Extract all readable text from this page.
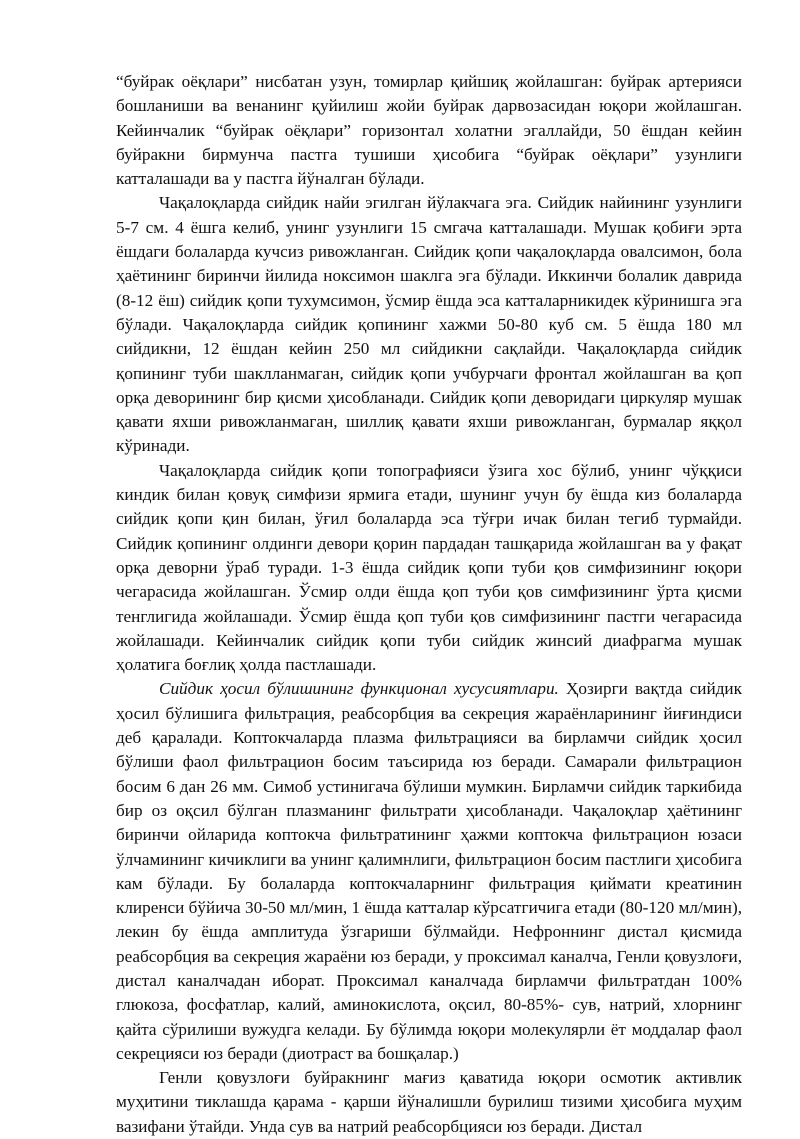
“буйрак оёқлари” нисбатан узун, томирлар қийшиқ жойлашган: буйрак артерияси бошланиши ва венанинг қуйилиш жойи буйрак дарвозасидан юқори жойлашган. Кейинчалик “буйрак оёқлари” горизонтал холатни эгаллайди, 50 ёшдан кейин буйракни бирмунча пастга тушиши ҳисобига “буйрак оёқлари” узунлиги катталашади ва у пастга йўналган бўлади.

Чақалоқларда сийдик найи эгилган йўлакчага эга. Сийдик найининг узунлиги 5-7 см. 4 ёшга келиб, унинг узунлиги 15 смгача катталашади. Мушак қобиғи эрта ёшдаги болаларда кучсиз ривожланган. Сийдик қопи чақалоқларда овалсимон, бола ҳаётининг биринчи йилида ноксимон шаклга эга бўлади. Иккинчи болалик даврида (8-12 ёш) сийдик қопи тухумсимон, ўсмир ёшда эса катталарникидек кўринишга эга бўлади. Чақалоқларда сийдик қопининг хажми 50-80 куб см. 5 ёшда 180 мл сийдикни, 12 ёшдан кейин 250 мл сийдикни сақлайди. Чақалоқларда сийдик қопининг туби шаклланмаган, сийдик қопи учбурчаги фронтал жойлашган ва қоп орқа деворининг бир қисми ҳисобланади. Сийдик қопи деворидаги циркуляр мушак қавати яхши ривожланмаган, шиллиқ қавати яхши ривожланган, бурмалар яққол кўринади.

Чақалоқларда сийдик қопи топографияси ўзига хос бўлиб, унинг чўққиси киндик билан қовуқ симфизи ярмига етади, шунинг учун бу ёшда киз болаларда сийдик қопи қин билан, ўғил болаларда эса тўғри ичак билан тегиб турмайди. Сийдик қопининг олдинги девори қорин пардадан ташқарида жойлашган ва у фақат орқа деворни ўраб туради. 1-3 ёшда сийдик қопи туби қов симфизининг юқори чегарасида жойлашган. Ўсмир олди ёшда қоп туби қов симфизининг ўрта қисми тенглигида жойлашади. Ўсмир ёшда қоп туби қов симфизининг пастги чегарасида жойлашади. Кейинчалик сийдик қопи туби сийдик жинсий диафрагма мушак ҳолатига боғлиқ ҳолда пастлашади.

Сийдик ҳосил бўлишининг функционал хусусиятлари. Ҳозирги вақтда сийдик ҳосил бўлишига фильтрация, реабсорбция ва секреция жараёнларининг йиғиндиси деб қаралади. Коптокчаларда плазма фильтрацияси ва бирламчи сийдик ҳосил бўлиши фаол фильтрацион босим таъсирида юз беради. Самарали фильтрацион босим 6 дан 26 мм. Симоб устинигача бўлиши мумкин. Бирламчи сийдик таркибида бир оз оқсил бўлган плазманинг фильтрати ҳисобланади. Чақалоқлар ҳаётининг биринчи ойларида коптокча фильтратининг ҳажми коптокча фильтрацион юзаси ўлчамининг кичиклиги ва унинг қалимнлиги, фильтрацион босим пастлиги ҳисобига кам бўлади. Бу болаларда коптокчаларнинг фильтрация қиймати креатинин клиренси бўйича 30-50 мл/мин, 1 ёшда катталар кўрсатгичига етади (80-120 мл/мин), лекин бу ёшда амплитуда ўзгариши бўлмайди. Нефроннинг дистал қисмида реабсорбция ва секреция жараёни юз беради, у проксимал каналча, Генли қовузлоғи, дистал каналчадан иборат. Проксимал каналчада бирламчи фильтратдан 100% глюкоза, фосфатлар, калий, аминокислота, оқсил, 80-85%- сув, натрий, хлорнинг қайта сўрилиши вужудга келади. Бу бўлимда юқори молекулярли ёт моддалар фаол секрецияси юз беради (диотраст ва бошқалар.)

Генли қовузлоғи буйракнинг мағиз қаватида юқори осмотик активлик муҳитини тиклашда қарама - қарши йўналишли бурилиш тизими ҳисобига муҳим вазифани ўтайди. Унда сув ва натрий реабсорбцияси юз беради. Дистал
